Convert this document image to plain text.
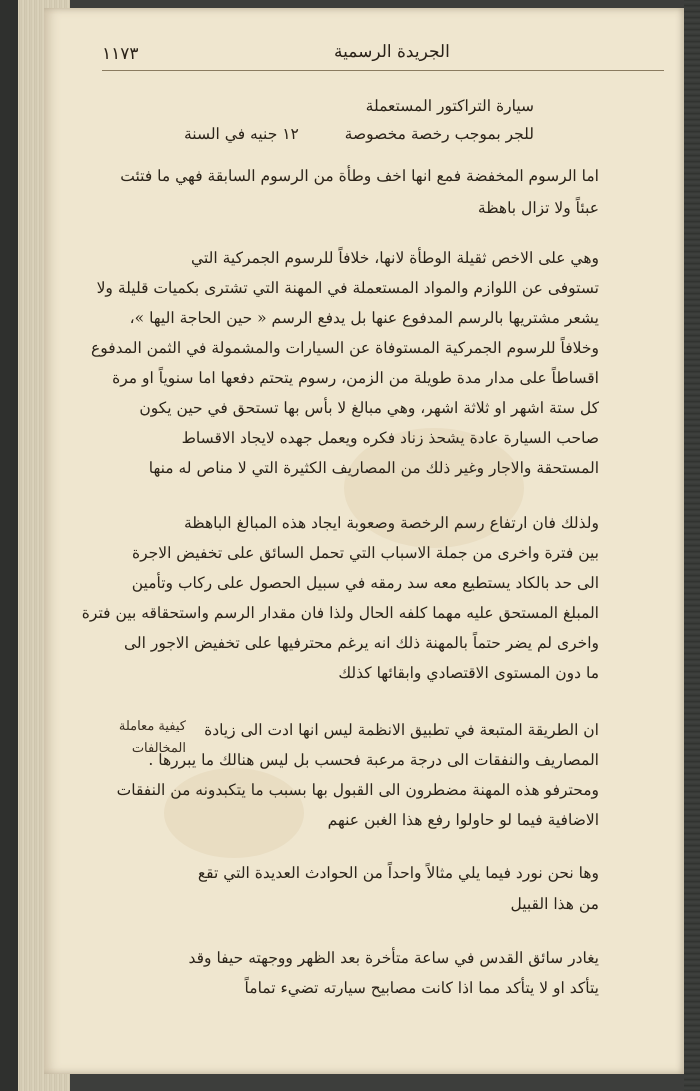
الجريدة الرسمية
١١٧٣
سيارة التراكتور المستعملة
للجر بموجب رخصة مخصوصة
١٢ جنيه في السنة
اما الرسوم المخفضة فمع انها اخف وطأة من الرسوم السابقة فهي ما فتئت
عبئاً ولا تزال باهظة
وهي على الاخص ثقيلة الوطأة لانها، خلافاً للرسوم الجمركية التي
تستوفى عن اللوازم والمواد المستعملة في المهنة التي تشترى بكميات قليلة ولا
يشعر مشتريها بالرسم المدفوع عنها بل يدفع الرسم « حين الحاجة اليها »،
وخلافاً للرسوم الجمركية المستوفاة عن السيارات والمشمولة في الثمن المدفوع
اقساطاً على مدار مدة طويلة من الزمن، رسوم يتحتم دفعها اما سنوياً او مرة
كل ستة اشهر او ثلاثة اشهر، وهي مبالغ لا بأس بها تستحق في حين يكون
صاحب السيارة عادة يشحذ زناد فكره ويعمل جهده لايجاد الاقساط
المستحقة والاجار وغير ذلك من المصاريف الكثيرة التي لا مناص له منها
ولذلك فان ارتفاع رسم الرخصة وصعوبة ايجاد هذه المبالغ الباهظة
بين فترة واخرى من جملة الاسباب التي تحمل السائق على تخفيض الاجرة
الى حد بالكاد يستطيع معه سد رمقه في سبيل الحصول على ركاب وتأمين
المبلغ المستحق عليه مهما كلفه الحال ولذا فان مقدار الرسم واستحقاقه بين فترة
واخرى لم يضر حتماً بالمهنة ذلك انه يرغم محترفيها على تخفيض الاجور الى
ما دون المستوى الاقتصادي وابقائها كذلك
كيفية معاملة
المخالفات
ان الطريقة المتبعة في تطبيق الانظمة ليس انها ادت الى زيادة
المصاريف والنفقات الى درجة مرعبة فحسب بل ليس هنالك ما يبررها .
ومحترفو هذه المهنة مضطرون الى القبول بها بسبب ما يتكبدونه من النفقات
الاضافية فيما لو حاولوا رفع هذا الغبن عنهم
وها نحن نورد فيما يلي مثالاً واحداً من الحوادث العديدة التي تقع
من هذا القبيل
يغادر سائق القدس في ساعة متأخرة بعد الظهر ووجهته حيفا وقد
يتأكد او لا يتأكد مما اذا كانت مصابيح سيارته تضيء تماماً
